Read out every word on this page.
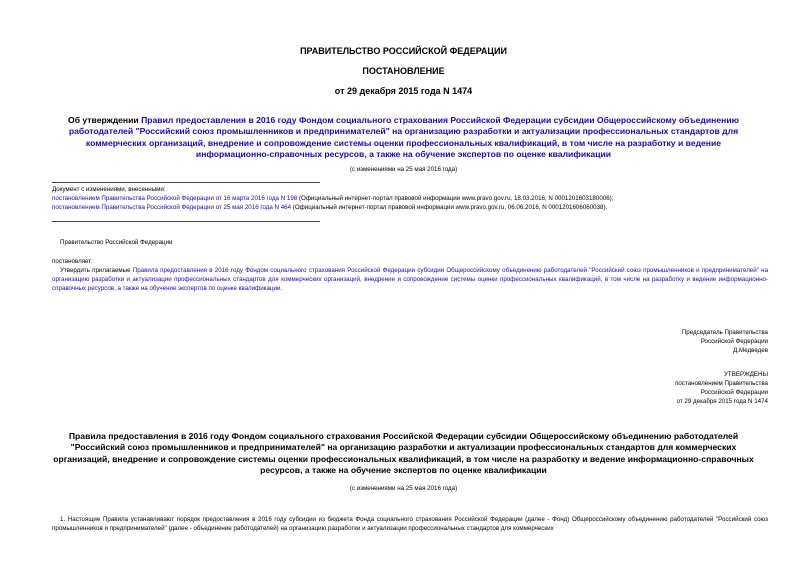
ПРАВИТЕЛЬСТВО РОССИЙСКОЙ ФЕДЕРАЦИИ
ПОСТАНОВЛЕНИЕ
от 29 декабря 2015 года N 1474
Об утверждении Правил предоставления в 2016 году Фондом социального страхования Российской Федерации субсидии Общероссийскому объединению работодателей "Российский союз промышленников и предпринимателей" на организацию разработки и актуализации профессиональных стандартов для коммерческих организаций, внедрение и сопровождение системы оценки профессиональных квалификаций, в том числе на разработку и ведение информационно-справочных ресурсов, а также на обучение экспертов по оценке квалификации
(с изменениями на 25 мая 2016 года)
Документ с изменениями, внесенными:
постановлением Правительства Российской Федерации от 16 марта 2016 года N 198 (Официальный интернет-портал правовой информации www.pravo.gov.ru, 18.03.2016, N 0001201603180006);
постановлением Правительства Российской Федерации от 25 мая 2016 года N 464 (Официальный интернет-портал правовой информации www.pravo.gov.ru, 06.06.2016, N 0001201606060038).
Правительство Российской Федерации
постановляет:
Утвердить прилагаемые Правила предоставления в 2016 году Фондом социального страхования Российской Федерации субсидии Общероссийскому объединению работодателей "Российский союз промышленников и предпринимателей" на организацию разработки и актуализации профессиональных стандартов для коммерческих организаций, внедрение и сопровождение системы оценки профессиональных квалификаций, в том числе на разработку и ведение информационно-справочных ресурсов, а также на обучение экспертов по оценке квалификации.
Председатель Правительства
Российской Федерации
Д.Медведев
УТВЕРЖДЕНЫ
постановлением Правительства
Российской Федерации
от 29 декабря 2015 года N 1474
Правила предоставления в 2016 году Фондом социального страхования Российской Федерации субсидии Общероссийскому объединению работодателей "Российский союз промышленников и предпринимателей" на организацию разработки и актуализации профессиональных стандартов для коммерческих организаций, внедрение и сопровождение системы оценки профессиональных квалификаций, в том числе на разработку и ведение информационно-справочных ресурсов, а также на обучение экспертов по оценке квалификации
(с изменениями на 25 мая 2016 года)
1. Настоящие Правила устанавливают порядок предоставления в 2016 году субсидии из бюджета Фонда социального страхования Российской Федерации (далее - Фонд) Общероссийскому объединению работодателей "Российский союз промышленников и предпринимателей" (далее - объединение работодателей) на организацию разработки и актуализации профессиональных стандартов для коммерческих
